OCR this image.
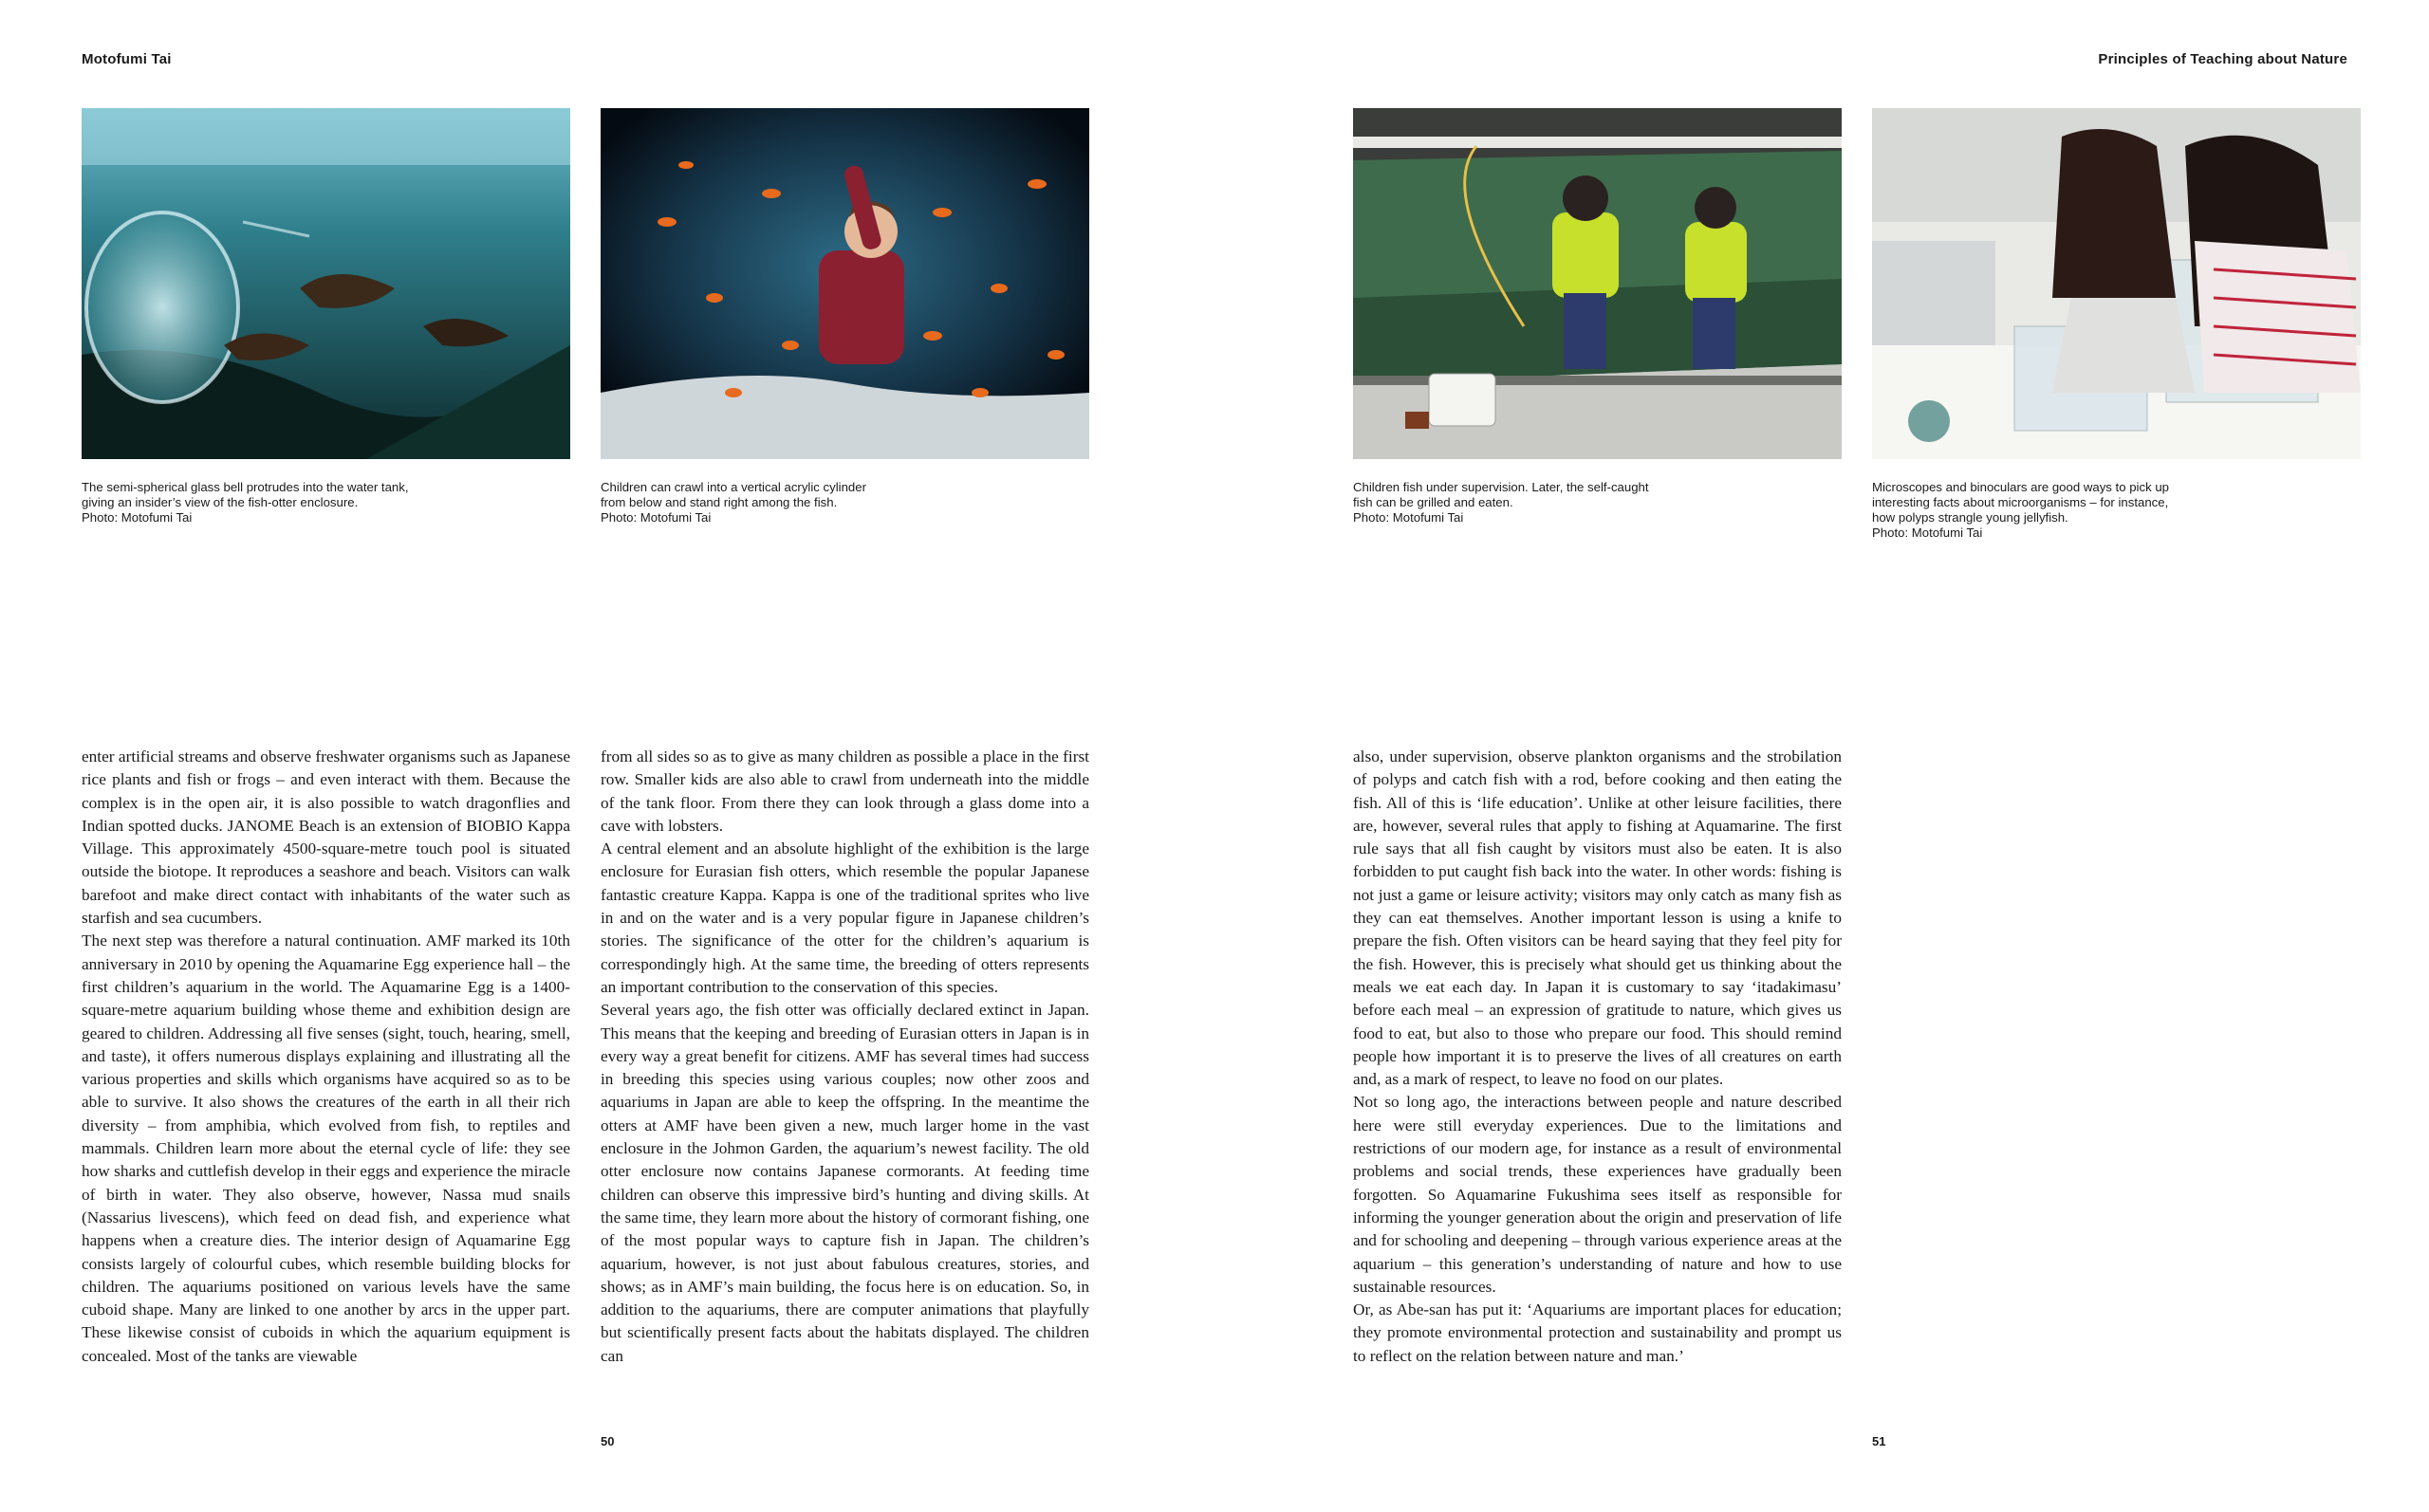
Motofumi Tai
The semi-spherical glass bell protrudes into the water tank,
giving an insider’s view of the fish-otter enclosure.
Photo: Motofumi Tai
Children can crawl into a vertical acrylic cylinder
from below and stand right among the fish.
Photo: Motofumi Tai

enter artificial streams and observe freshwater organisms such as Japanese rice plants and fish or frogs – and even interact with them. Because the complex is in the open air, it is also possible to watch dragonflies and Indian spotted ducks. JANOME Beach is an extension of BIOBIO Kappa Village. This approximately 4500-square-metre touch pool is situated outside the biotope. It reproduces a seashore and beach. Visitors can walk barefoot and make direct contact with inhabitants of the water such as starfish and sea cucumbers.

The next step was therefore a natural continuation. AMF marked its 10th anniversary in 2010 by opening the Aquamarine Egg experience hall – the first children’s aquarium in the world. The Aquamarine Egg is a 1400-square-metre aquarium building whose theme and exhibition design are geared to children. Addressing all five senses (sight, touch, hearing, smell, and taste), it offers numerous displays explaining and illustrating all the various properties and skills which organisms have acquired so as to be able to survive. It also shows the creatures of the earth in all their rich diversity – from amphibia, which evolved from fish, to reptiles and mammals. Children learn more about the eternal cycle of life: they see how sharks and cuttlefish develop in their eggs and experience the miracle of birth in water. They also observe, however, Nassa mud snails (Nassarius livescens), which feed on dead fish, and experience what happens when a creature dies. The interior design of Aquamarine Egg consists largely of colourful cubes, which resemble building blocks for children. The aquariums positioned on various levels have the same cuboid shape. Many are linked to one another by arcs in the upper part. These likewise consist of cuboids in which the aquarium equipment is concealed. Most of the tanks are viewable

from all sides so as to give as many children as possible a place in the first row. Smaller kids are also able to crawl from underneath into the middle of the tank floor. From there they can look through a glass dome into a cave with lobsters.

A central element and an absolute highlight of the exhibition is the large enclosure for Eurasian fish otters, which resemble the popular Japanese fantastic creature Kappa. Kappa is one of the traditional sprites who live in and on the water and is a very popular figure in Japanese children’s stories. The significance of the otter for the children’s aquarium is correspondingly high. At the same time, the breeding of otters represents an important contribution to the conservation of this species.

Several years ago, the fish otter was officially declared extinct in Japan. This means that the keeping and breeding of Eurasian otters in Japan is in every way a great benefit for citizens. AMF has several times had success in breeding this species using various couples; now other zoos and aquariums in Japan are able to keep the offspring. In the meantime the otters at AMF have been given a new, much larger home in the vast enclosure in the Johmon Garden, the aquarium’s newest facility. The old otter enclosure now contains Japanese cormorants. At feeding time children can observe this impressive bird’s hunting and diving skills. At the same time, they learn more about the history of cormorant fishing, one of the most popular ways to capture fish in Japan. The children’s aquarium, however, is not just about fabulous creatures, stories, and shows; as in AMF’s main building, the focus here is on education. So, in addition to the aquariums, there are computer animations that playfully but scientifically present facts about the habitats displayed. The children can

50
Principles of Teaching about Nature
Children fish under supervision. Later, the self-caught
fish can be grilled and eaten.
Photo: Motofumi Tai
Microscopes and binoculars are good ways to pick up
interesting facts about microorganisms – for instance,
how polyps strangle young jellyfish.
Photo: Motofumi Tai

also, under supervision, observe plankton organisms and the strobilation of polyps and catch fish with a rod, before cooking and then eating the fish. All of this is ‘life education’. Unlike at other leisure facilities, there are, however, several rules that apply to fishing at Aquamarine. The first rule says that all fish caught by visitors must also be eaten. It is also forbidden to put caught fish back into the water. In other words: fishing is not just a game or leisure activity; visitors may only catch as many fish as they can eat themselves. Another important lesson is using a knife to prepare the fish. Often visitors can be heard saying that they feel pity for the fish. However, this is precisely what should get us thinking about the meals we eat each day. In Japan it is customary to say ‘itadakimasu’ before each meal – an expression of gratitude to nature, which gives us food to eat, but also to those who prepare our food. This should remind people how important it is to preserve the lives of all creatures on earth and, as a mark of respect, to leave no food on our plates.

Not so long ago, the interactions between people and nature described here were still everyday experiences. Due to the limitations and restrictions of our modern age, for instance as a result of environmental problems and social trends, these experiences have gradually been forgotten. So Aquamarine Fukushima sees itself as responsible for informing the younger generation about the origin and preservation of life and for schooling and deepening – through various experience areas at the aquarium – this generation’s understanding of nature and how to use sustainable resources.

Or, as Abe-san has put it: ‘Aquariums are important places for education; they promote environmental protection and sustainability and prompt us to reflect on the relation between nature and man.’

51
